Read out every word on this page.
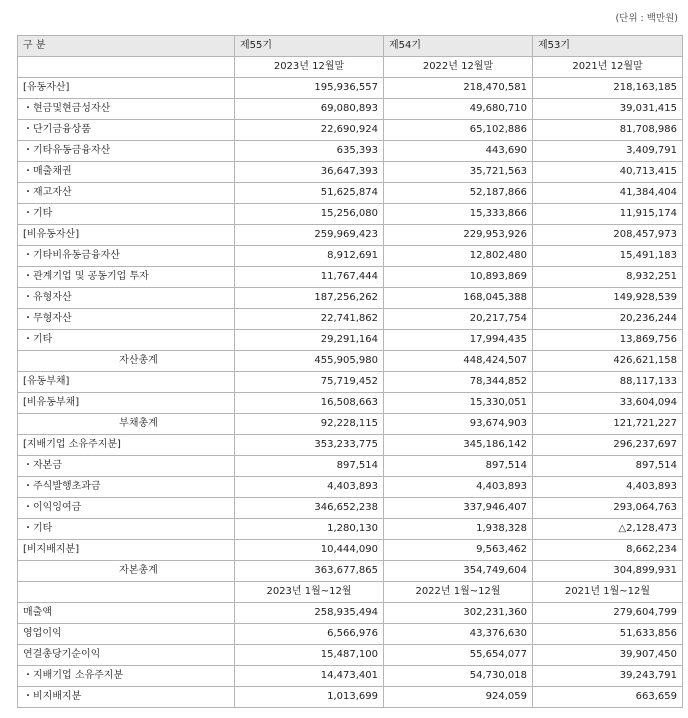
(단위 : 백만원)
구 분	제55기	제54기	제53기
	2023년 12월말	2022년 12월말	2021년 12월말
[유동자산]	195,936,557	218,470,581	218,163,185
・현금및현금성자산	69,080,893	49,680,710	39,031,415
・단기금융상품	22,690,924	65,102,886	81,708,986
・기타유동금융자산	635,393	443,690	3,409,791
・매출채권	36,647,393	35,721,563	40,713,415
・재고자산	51,625,874	52,187,866	41,384,404
・기타	15,256,080	15,333,866	11,915,174
[비유동자산]	259,969,423	229,953,926	208,457,973
・기타비유동금융자산	8,912,691	12,802,480	15,491,183
・관계기업 및 공동기업 투자	11,767,444	10,893,869	8,932,251
・유형자산	187,256,262	168,045,388	149,928,539
・무형자산	22,741,862	20,217,754	20,236,244
・기타	29,291,164	17,994,435	13,869,756
자산총계	455,905,980	448,424,507	426,621,158
[유동부채]	75,719,452	78,344,852	88,117,133
[비유동부채]	16,508,663	15,330,051	33,604,094
부채총계	92,228,115	93,674,903	121,721,227
[지배기업 소유주지분]	353,233,775	345,186,142	296,237,697
・자본금	897,514	897,514	897,514
・주식발행초과금	4,403,893	4,403,893	4,403,893
・이익잉여금	346,652,238	337,946,407	293,064,763
・기타	1,280,130	1,938,328	△2,128,473
[비지배지분]	10,444,090	9,563,462	8,662,234
자본총계	363,677,865	354,749,604	304,899,931
	2023년 1월~12월	2022년 1월~12월	2021년 1월~12월
매출액	258,935,494	302,231,360	279,604,799
영업이익	6,566,976	43,376,630	51,633,856
연결총당기순이익	15,487,100	55,654,077	39,907,450
・지배기업 소유주지분	14,473,401	54,730,018	39,243,791
・비지배지분	1,013,699	924,059	663,659
